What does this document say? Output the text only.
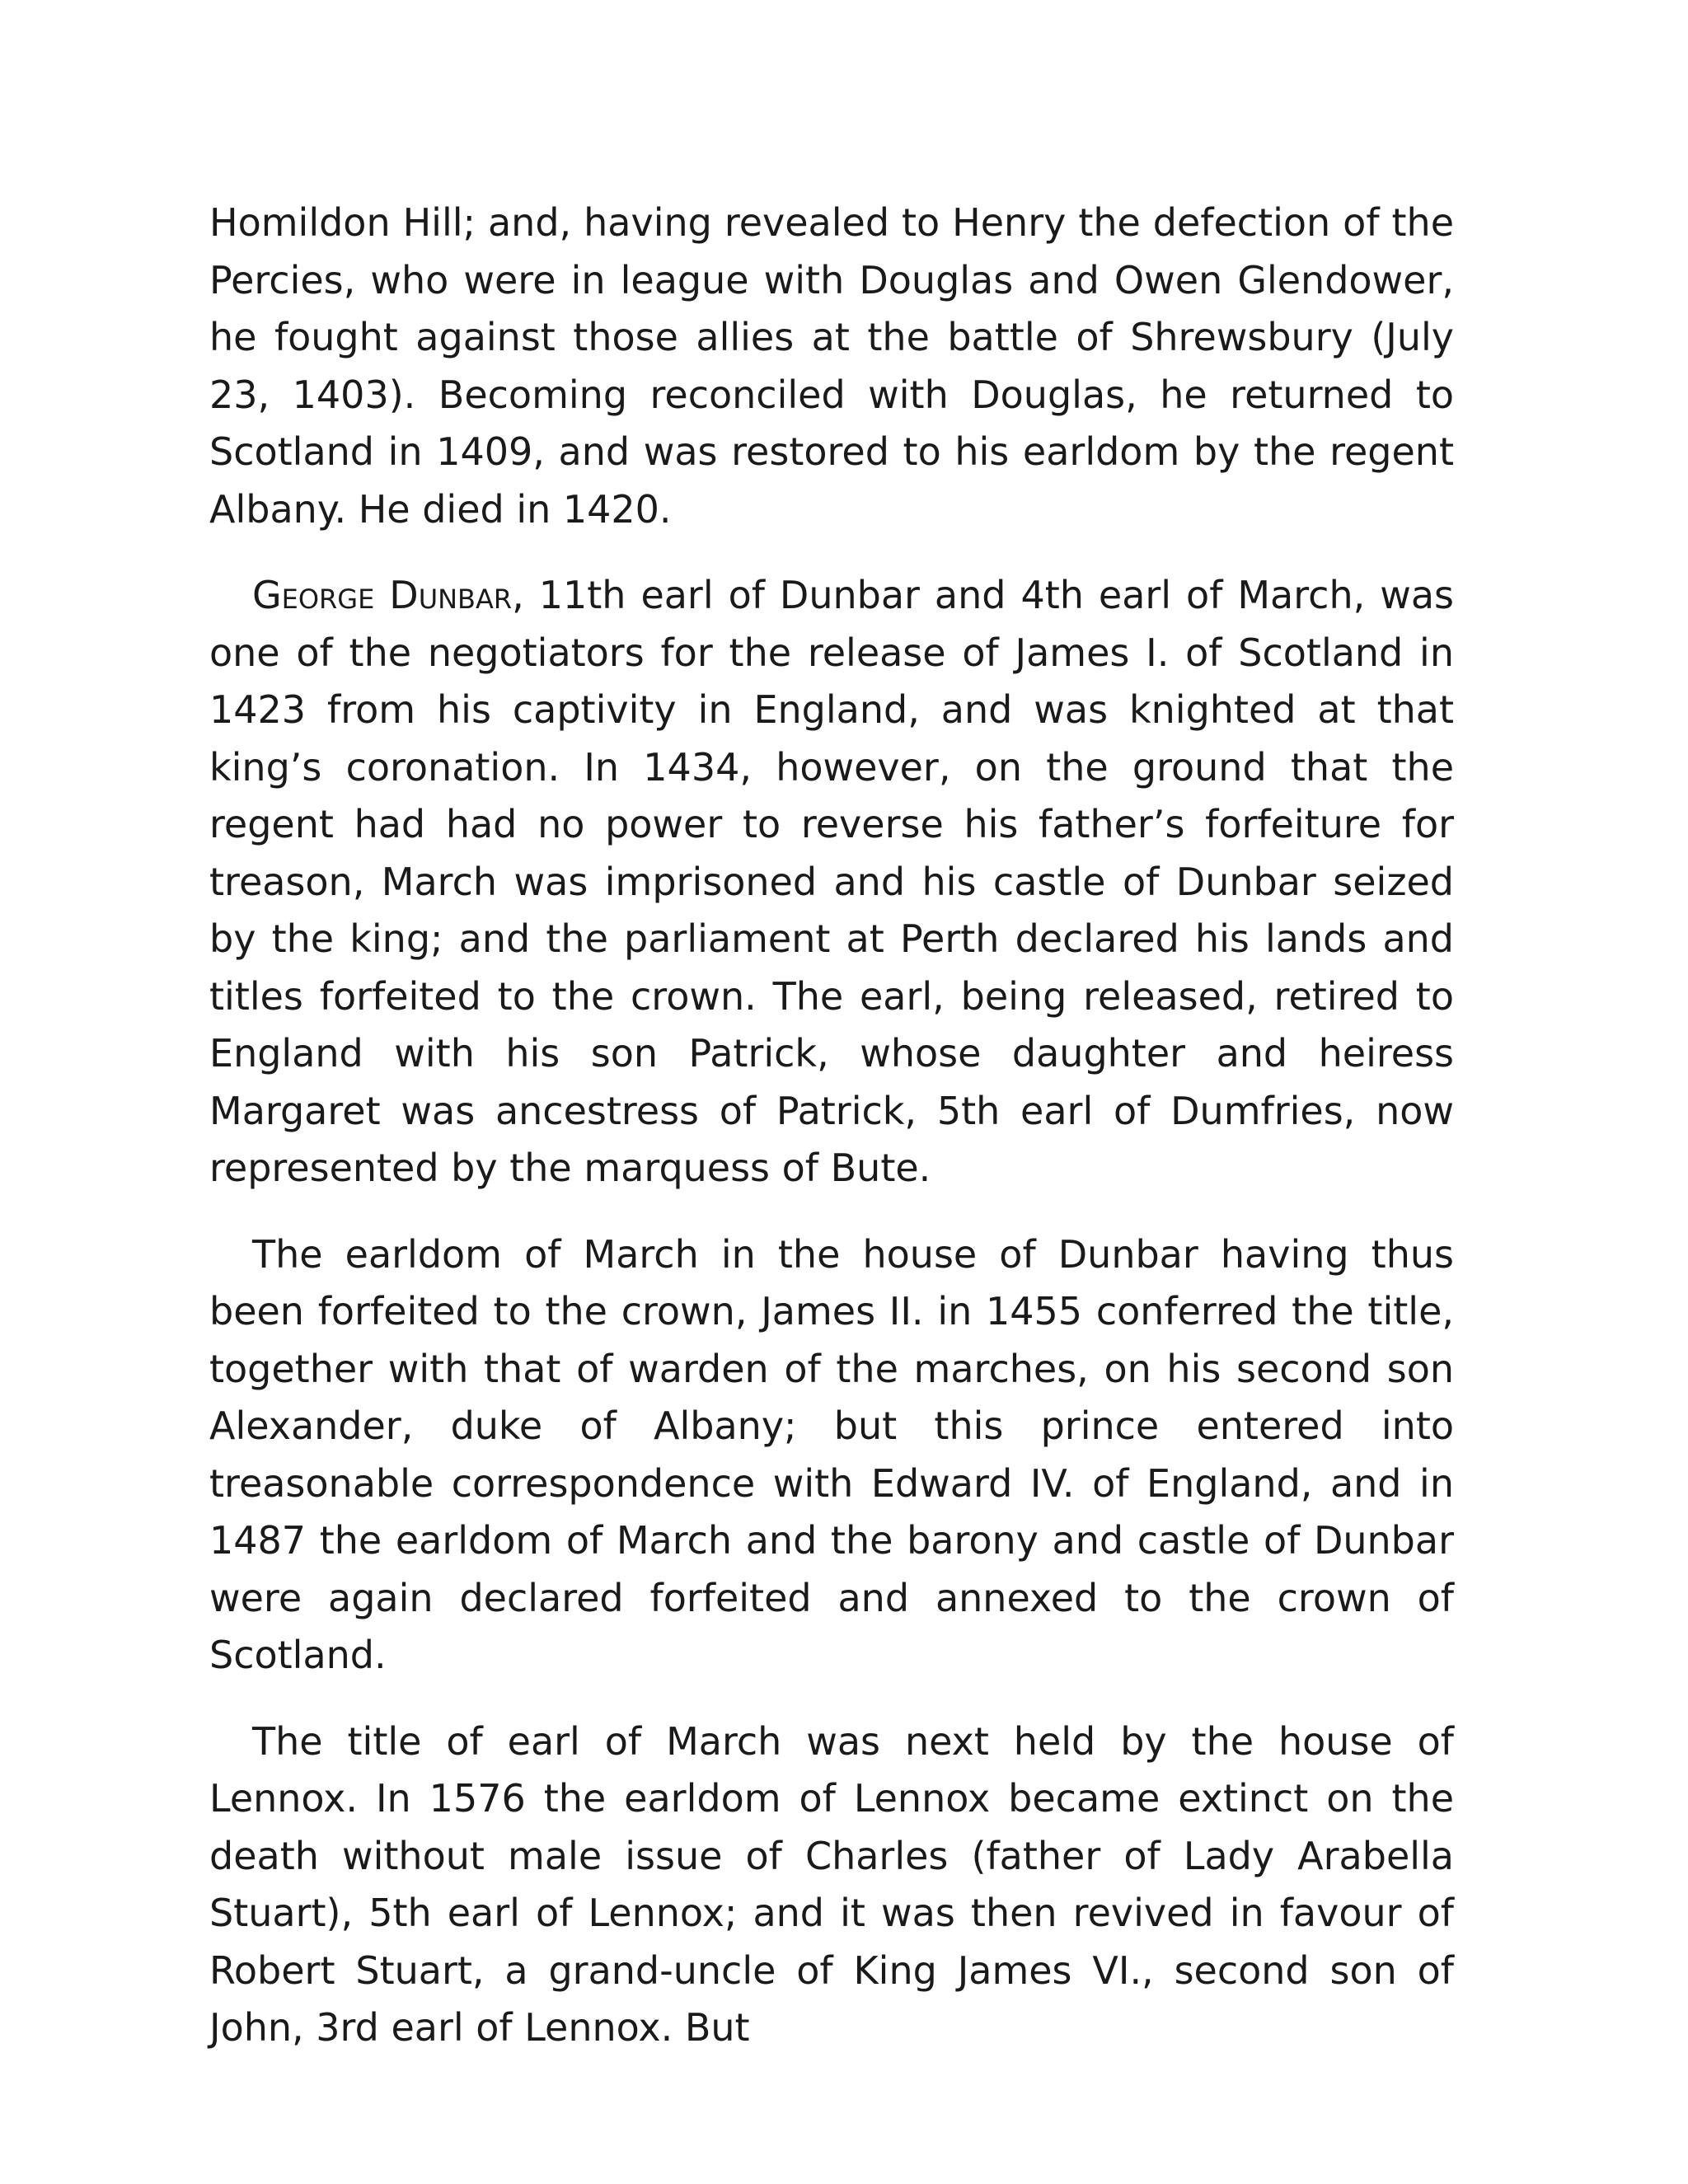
Homildon Hill; and, having revealed to Henry the defection of the Percies, who were in league with Douglas and Owen Glendower, he fought against those allies at the battle of Shrewsbury (July 23, 1403). Becoming reconciled with Douglas, he returned to Scotland in 1409, and was restored to his earldom by the regent Albany. He died in 1420.

George Dunbar, 11th earl of Dunbar and 4th earl of March, was one of the negotiators for the release of James I. of Scotland in 1423 from his captivity in England, and was knighted at that king’s coronation. In 1434, however, on the ground that the regent had had no power to reverse his father’s forfeiture for treason, March was imprisoned and his castle of Dunbar seized by the king; and the parliament at Perth declared his lands and titles forfeited to the crown. The earl, being released, retired to England with his son Patrick, whose daughter and heiress Margaret was ancestress of Patrick, 5th earl of Dumfries, now represented by the marquess of Bute.

The earldom of March in the house of Dunbar having thus been forfeited to the crown, James II. in 1455 conferred the title, together with that of warden of the marches, on his second son Alexander, duke of Albany; but this prince entered into treasonable correspondence with Edward IV. of England, and in 1487 the earldom of March and the barony and castle of Dunbar were again declared forfeited and annexed to the crown of Scotland.

The title of earl of March was next held by the house of Lennox. In 1576 the earldom of Lennox became extinct on the death without male issue of Charles (father of Lady Arabella Stuart), 5th earl of Lennox; and it was then revived in favour of Robert Stuart, a grand-uncle of King James VI., second son of John, 3rd earl of Lennox. But
